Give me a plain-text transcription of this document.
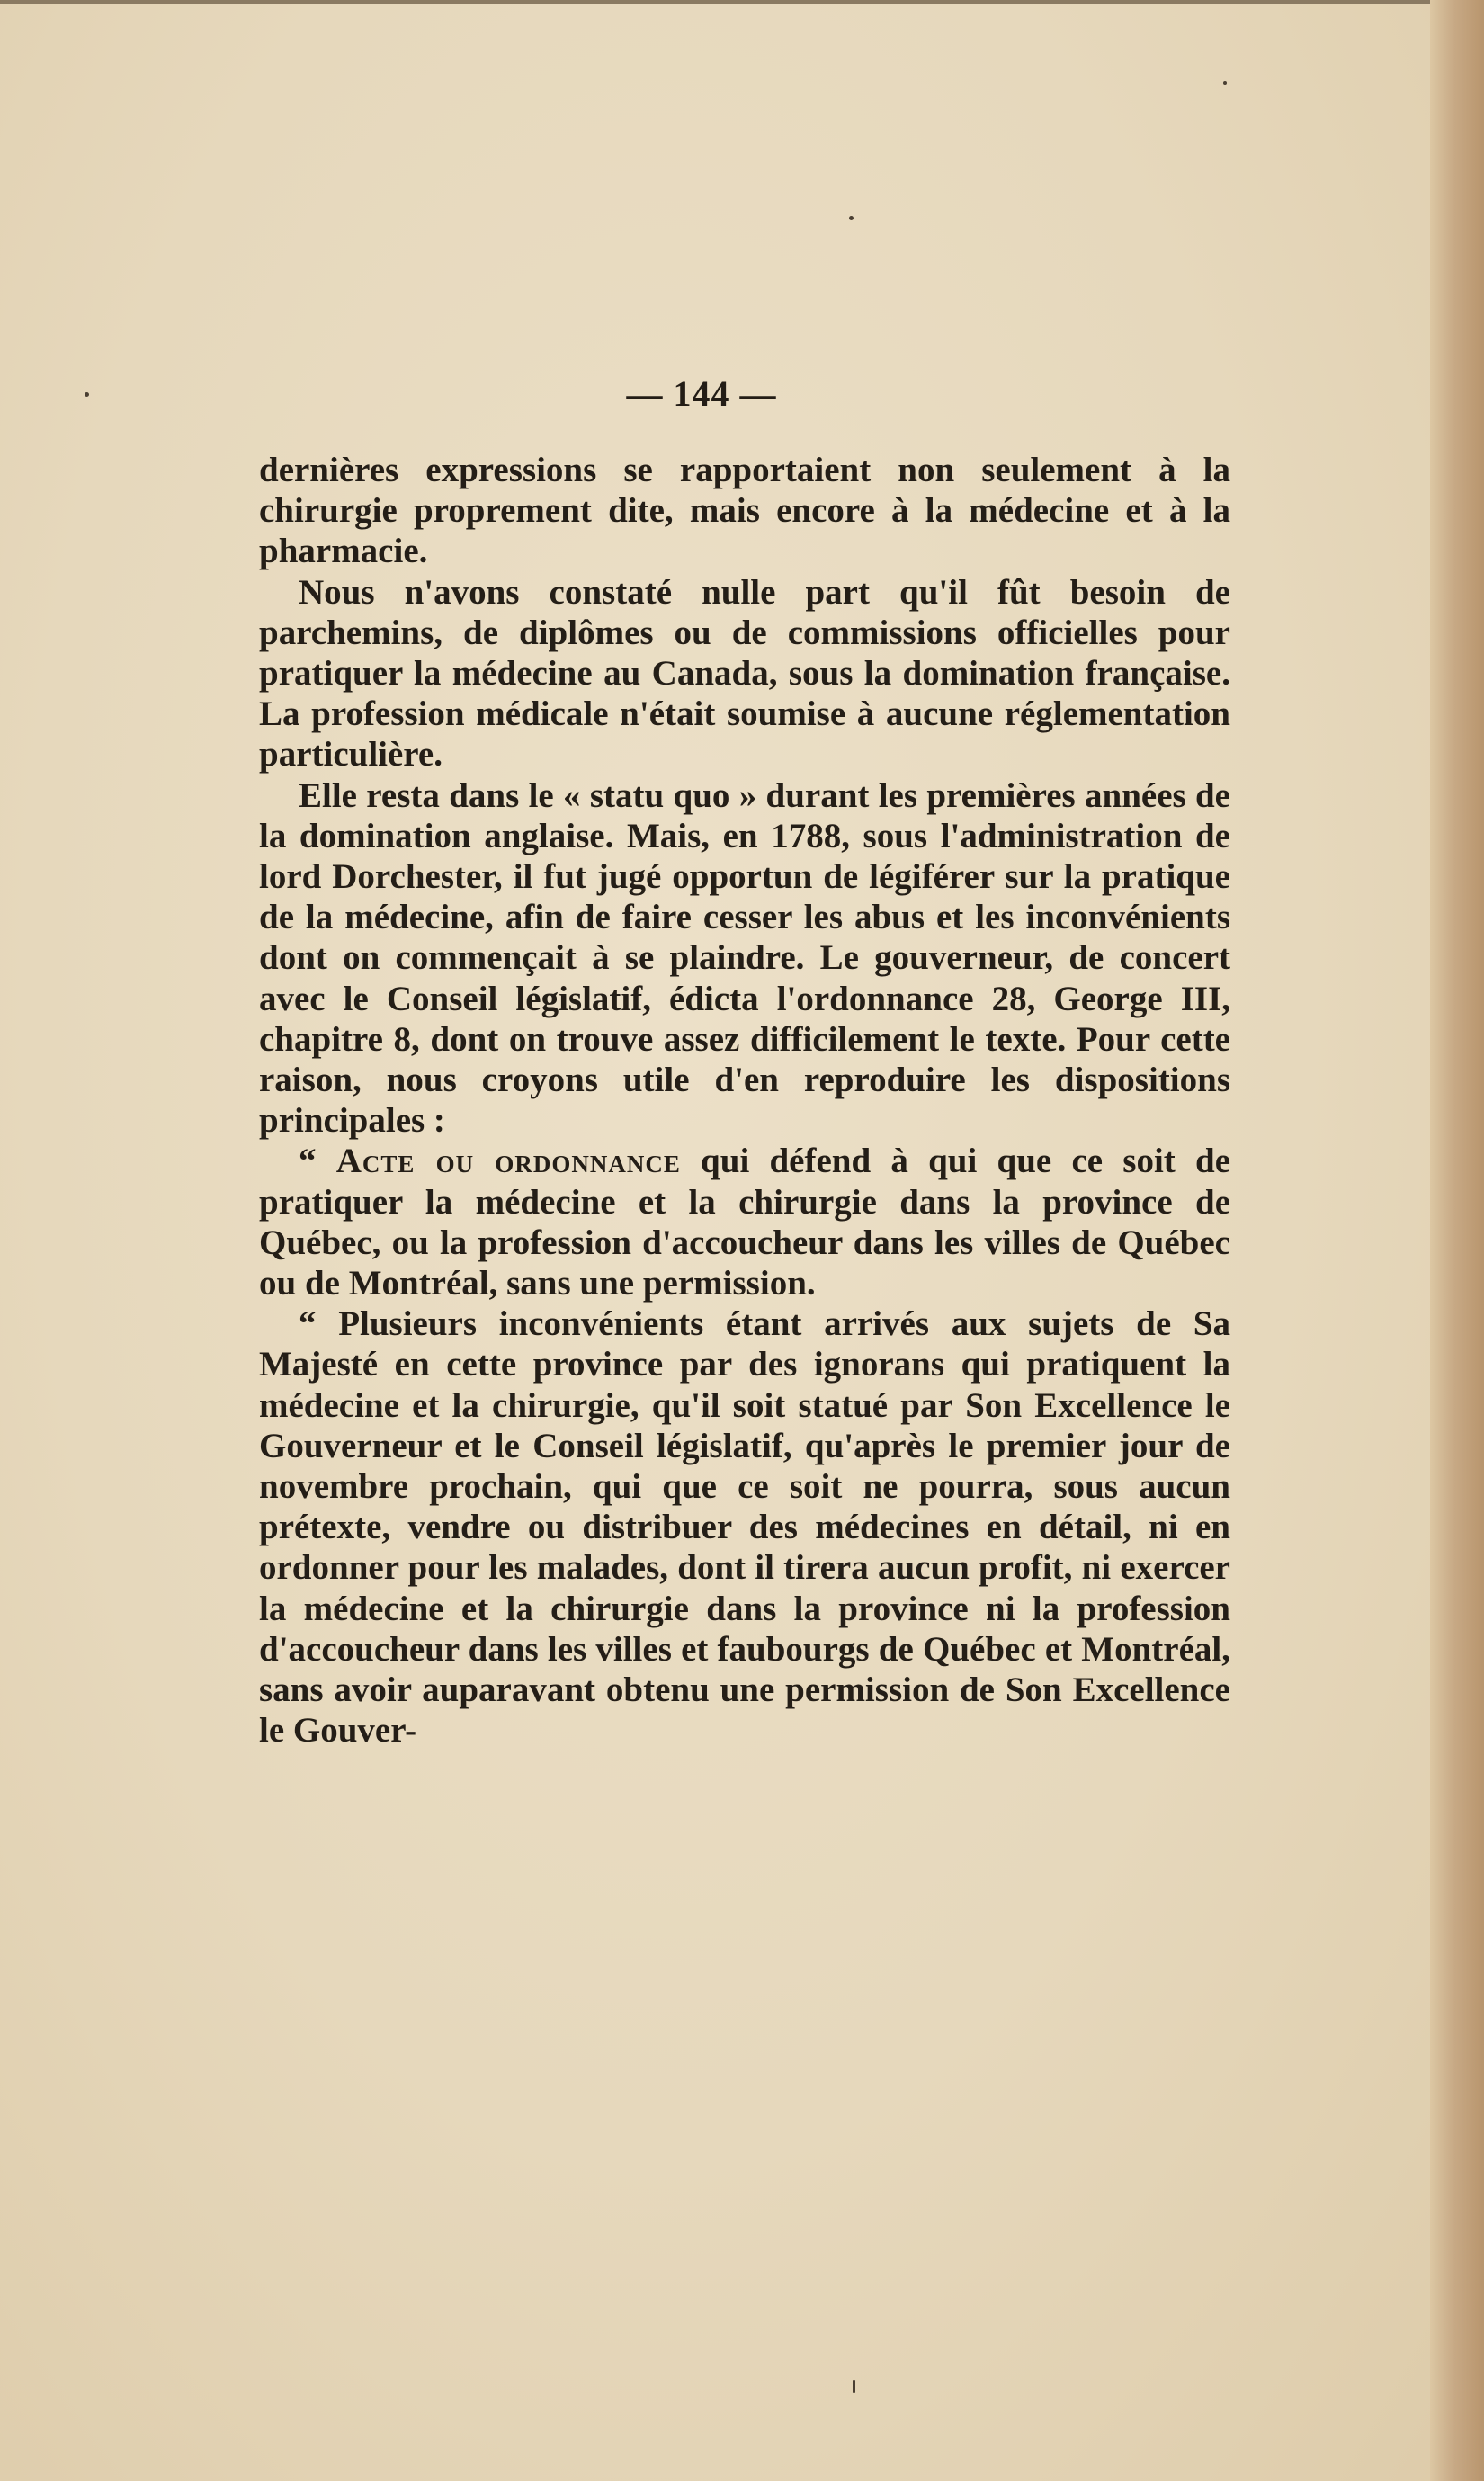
— 144 —

dernières expressions se rapportaient non seulement à la chirurgie proprement dite, mais encore à la médecine et à la pharmacie.

Nous n'avons constaté nulle part qu'il fût besoin de parchemins, de diplômes ou de commissions officielles pour pratiquer la médecine au Canada, sous la domination française. La profession médicale n'était soumise à aucune réglementation particulière.

Elle resta dans le « statu quo » durant les premières années de la domination anglaise. Mais, en 1788, sous l'administration de lord Dorchester, il fut jugé opportun de légiférer sur la pratique de la médecine, afin de faire cesser les abus et les inconvénients dont on commençait à se plaindre. Le gouverneur, de concert avec le Conseil législatif, édicta l'ordonnance 28, George III, chapitre 8, dont on trouve assez difficilement le texte. Pour cette raison, nous croyons utile d'en reproduire les dispositions principales :

“ Acte ou ordonnance qui défend à qui que ce soit de pratiquer la médecine et la chirurgie dans la province de Québec, ou la profession d'accoucheur dans les villes de Québec ou de Montréal, sans une permission.

“ Plusieurs inconvénients étant arrivés aux sujets de Sa Majesté en cette province par des ignorans qui pratiquent la médecine et la chirurgie, qu'il soit statué par Son Excellence le Gouverneur et le Conseil législatif, qu'après le premier jour de novembre prochain, qui que ce soit ne pourra, sous aucun prétexte, vendre ou distribuer des médecines en détail, ni en ordonner pour les malades, dont il tirera aucun profit, ni exercer la médecine et la chirurgie dans la province ni la profession d'accoucheur dans les villes et faubourgs de Québec et Montréal, sans avoir auparavant obtenu une permission de Son Excellence le Gouver-
